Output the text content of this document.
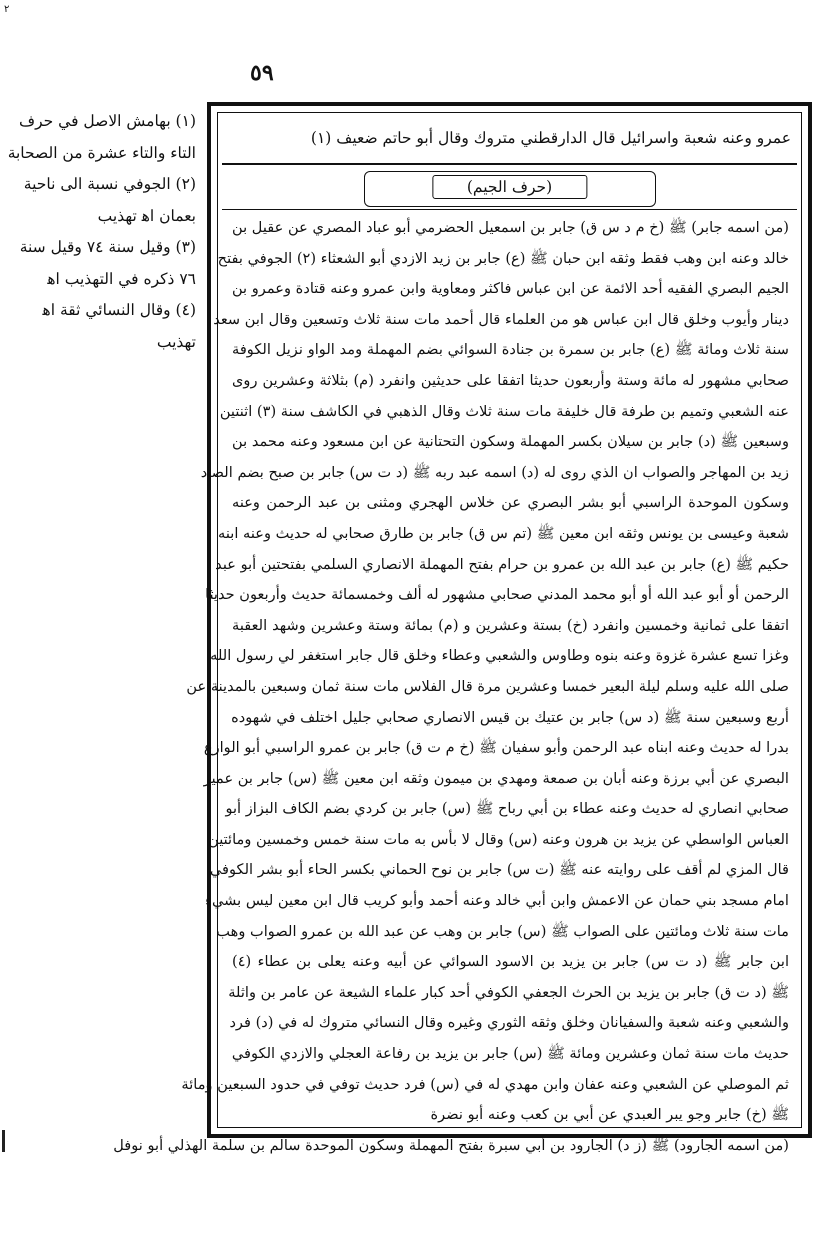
٢
٥٩
(١) بهامش الاصل في حرف
التاء والتاء عشرة من الصحابة
(٢) الجوفي نسبة الى ناحية
بعمان اه‍ تهذيب
(٣) وقيل سنة ٧٤ وقيل سنة
٧٦ ذكره في التهذيب اه‍
(٤) وقال النسائي ثقة اه‍
تهذيب
عمرو وعنه شعبة واسرائيل قال الدارقطني متروك وقال أبو حاتم ضعيف (١)
(حرف الجيم)
(من اسمه جابر) ﷺ (خ م د س ق) جابر بن اسمعيل الحضرمي أبو عباد المصري عن عقيل بن
خالد وعنه ابن وهب فقط وثقه ابن حبان ﷺ (ع) جابر بن زيد الازدي أبو الشعثاء (٢) الجوفي بفتح
الجيم البصري الفقيه أحد الائمة عن ابن عباس فاكثر ومعاوية وابن عمرو وعنه قتادة وعمرو بن
دينار وأيوب وخلق قال ابن عباس هو من العلماء قال أحمد مات سنة ثلاث وتسعين وقال ابن سعد
سنة ثلاث ومائة ﷺ (ع) جابر بن سمرة بن جنادة السوائي بضم المهملة ومد الواو نزيل الكوفة
صحابي مشهور له مائة وستة وأربعون حديثا اتفقا على حديثين وانفرد (م) بثلاثة وعشرين روى
عنه الشعبي وتميم بن طرفة قال خليفة مات سنة ثلاث وقال الذهبي في الكاشف سنة (٣) اثنتين
وسبعين ﷺ (د) جابر بن سيلان بكسر المهملة وسكون التحتانية عن ابن مسعود وعنه محمد بن
زيد بن المهاجر والصواب ان الذي روى له (د) اسمه عبد ربه ﷺ (د ت س) جابر بن صبح بضم الصاد
وسكون الموحدة الراسبي أبو بشر البصري عن خلاس الهجري ومثنى بن عبد الرحمن وعنه
شعبة وعيسى بن يونس وثقه ابن معين ﷺ (تم س ق) جابر بن طارق صحابي له حديث وعنه ابنه
حكيم ﷺ (ع) جابر بن عبد الله بن عمرو بن حرام بفتح المهملة الانصاري السلمي بفتحتين أبو عبد
الرحمن أو أبو عبد الله أو أبو محمد المدني صحابي مشهور له ألف وخمسمائة حديث وأربعون حديثا
اتفقا على ثمانية وخمسين وانفرد (خ) بستة وعشرين و (م) بمائة وستة وعشرين وشهد العقبة
وغزا تسع عشرة غزوة وعنه بنوه وطاوس والشعبي وعطاء وخلق قال جابر استغفر لي رسول الله
صلى الله عليه وسلم ليلة البعير خمسا وعشرين مرة قال الفلاس مات سنة ثمان وسبعين بالمدينة عن
أربع وسبعين سنة ﷺ (د س) جابر بن عتيك بن قيس الانصاري صحابي جليل اختلف في شهوده
بدرا له حديث وعنه ابناه عبد الرحمن وأبو سفيان ﷺ (خ م ت ق) جابر بن عمرو الراسبي أبو الوازع
البصري عن أبي برزة وعنه أبان بن صمعة ومهدي بن ميمون وثقه ابن معين ﷺ (س) جابر بن عمير
صحابي انصاري له حديث وعنه عطاء بن أبي رباح ﷺ (س) جابر بن كردي بضم الكاف البزاز أبو
العباس الواسطي عن يزيد بن هرون وعنه (س) وقال لا بأس به مات سنة خمس وخمسين ومائتين
قال المزي لم أقف على روايته عنه ﷺ (ت س) جابر بن نوح الحماني بكسر الحاء أبو بشر الكوفي
امام مسجد بني حمان عن الاعمش وابن أبي خالد وعنه أحمد وأبو كريب قال ابن معين ليس بشيء
مات سنة ثلاث ومائتين على الصواب ﷺ (س) جابر بن وهب عن عبد الله بن عمرو الصواب وهب
ابن جابر ﷺ (د ت س) جابر بن يزيد بن الاسود السوائي عن أبيه وعنه يعلى بن عطاء (٤)
ﷺ (د ت ق) جابر بن يزيد بن الحرث الجعفي الكوفي أحد كبار علماء الشيعة عن عامر بن واثلة
والشعبي وعنه شعبة والسفيانان وخلق وثقه الثوري وغيره وقال النسائي متروك له في (د) فرد
حديث مات سنة ثمان وعشرين ومائة ﷺ (س) جابر بن يزيد بن رفاعة العجلي والازدي الكوفي
ثم الموصلي عن الشعبي وعنه عفان وابن مهدي له في (س) فرد حديث توفي في حدود السبعين ومائة
ﷺ (خ) جابر وجو يبر العبدي عن أبي بن كعب وعنه أبو نضرة
(من اسمه الجارود) ﷺ (ز د) الجارود بن أبي سبرة بفتح المهملة وسكون الموحدة سالم بن سلمة الهذلي أبو نوفل
